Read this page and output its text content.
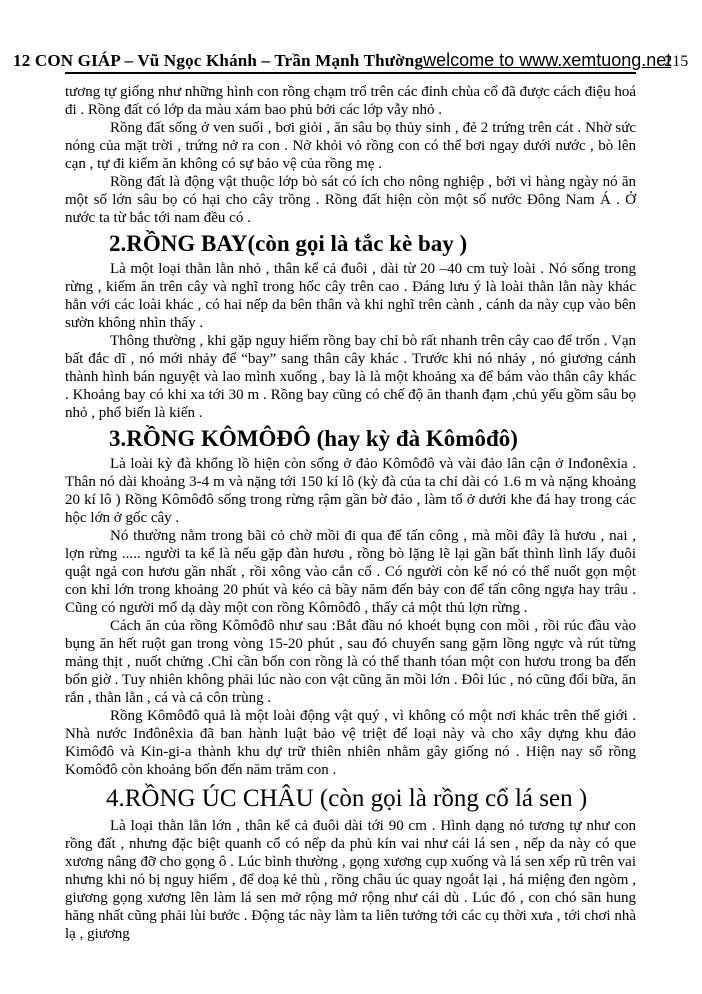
12 CON GIÁP – Vũ Ngọc Khánh – Trần Mạnh Thường welcome to www.xemtuong.net
215

tương tự giống như những hình con rồng chạm trổ trên các đỉnh chùa cổ đã được cách điệu hoá đi . Rồng đất có lớp da màu xám bao phủ bởi các lớp vẫy nhỏ .

Rồng đất sống ở ven suối , bơi giỏi , ăn sâu bọ thủy sinh , đẻ 2 trứng trên cát . Nhờ sức nóng của mặt trời , trứng nở ra con . Nở khỏi vỏ rồng con có thể bơi ngay dưới nước , bò lên cạn , tự đi kiếm ăn không có sự bảo vệ của rồng mẹ .

Rồng đất là động vật thuộc lớp bò sát có ích cho nông nghiệp , bởi vì hàng ngày nó ăn một số lớn sâu bọ có hại cho cây trồng . Rồng đất hiện còn một số nước Đông Nam Á . Ở nước ta từ bắc tới nam đều có .

2.RỒNG BAY(còn gọi là tắc kè bay )

Là một loại thằn lằn nhỏ , thân kể cả đuôi , dài từ 20 –40 cm tuỳ loài . Nó sống trong rừng , kiếm ăn trên cây và nghĩ trong hốc cây trên cao . Đáng lưu ý là loài thằn lằn này khác hẳn với các loài khác , có hai nếp da bên thân và khi nghĩ trên cành , cánh da này cụp vào bên sườn không nhìn thấy .

Thông thường , khi gặp nguy hiểm rồng bay chỉ bò rất nhanh trên cây cao để trốn . Vạn bất đắc dĩ , nó mới nhảy để “bay” sang thân cây khác . Trước khi nó nhảy , nó giương cánh thành hình bán nguyệt và lao mình xuống , bay là là một khoảng xa để bám vào thân cây khác . Khoảng bay có khi xa tới 30 m . Rồng bay cũng có chế độ ăn thanh đạm ,chủ yếu gồm sâu bọ nhỏ , phổ biến là kiến .

3.RỒNG KÔMÔĐÔ (hay kỳ đà Kômôđô)

Là loài kỳ đà khổng lồ hiện còn sống ở đảo Kômôđô và vài đảo lân cận ở Inđonêxia . Thân nó dài khoảng 3-4 m và nặng tới 150 kí lô (kỳ đà của ta chỉ dài có 1.6 m và nặng khoảng 20 kí lô ) Rồng Kômôđô sống trong rừng rậm gần bờ đảo , làm tổ ở dưới khe đá hay trong các hộc lớn ở gốc cây .

Nó thường nằm trong bãi cỏ chờ mồi đi qua để tấn công , mà mồi đây là hươu , nai , lợn rừng ..... người ta kể là nếu gặp đàn hươu , rồng bò lặng lẽ lại gần bất thình lình lấy đuôi quật ngả con hươu gần nhất , rồi xông vào cắn cổ . Có người còn kể nó có thể nuốt gọn một con khỉ lớn trong khoảng 20 phút và kéo cả bầy năm đến bảy con để tấn công ngựa hay trâu . Cũng có người mổ dạ dày một con rồng Kômôđô , thấy cả một thủ lợn rừng .

Cách ăn của rồng Kômôđô như sau :Bắt đầu nó khoét bụng con mồi , rồi rúc đầu vào bụng ăn hết ruột gan trong vòng 15-20 phút , sau đó chuyển sang gặm lồng ngực và rút từng mảng thịt , nuốt chửng .Chỉ cần bốn con rồng là có thể thanh tóan một con hươu trong ba đến bốn giờ . Tuy nhiên không phải lúc nào con vật cũng ăn mồi lớn . Đôi lúc , nó cũng đổi bữa, ăn rắn , thằn lằn , cá và cả côn trùng .

Rồng Kômôđô quả là một loài động vật quý , vì không có một nơi khác trên thế giới . Nhà nước Inđônêxia đã ban hành luật bảo vệ triệt để loại này và cho xây dựng khu đảo Kimôđô và Kin-gi-a thành khu dự trữ thiên nhiên nhằm gây giống nó . Hiện nay số rồng Komôđô còn khoảng bốn đến năm trăm con .

4.RỒNG ÚC CHÂU (còn gọi là rồng cổ lá sen )

Là loại thằn lằn lớn , thân kể cả đuôi dài tới 90 cm . Hình dạng nó tương tự như con rồng đất , nhưng đặc biệt quanh cổ có nếp da phủ kín vai như cái lá sen , nếp da này có que xương nâng đỡ cho gọng ô . Lúc bình thường , gọng xương cụp xuống và lá sen xếp rũ trên vai nhưng khi nó bị nguy hiểm , để doạ kẻ thù , rồng châu úc quay ngoắt lại , há miệng đen ngòm , giương gọng xương lên làm lá sen mở rộng mở rộng như cái dù . Lúc đó , con chó săn hung hăng nhất cũng phải lùi bước . Động tác này làm ta liên tưởng tới các cụ thời xưa , tới chơi nhà lạ , giương
